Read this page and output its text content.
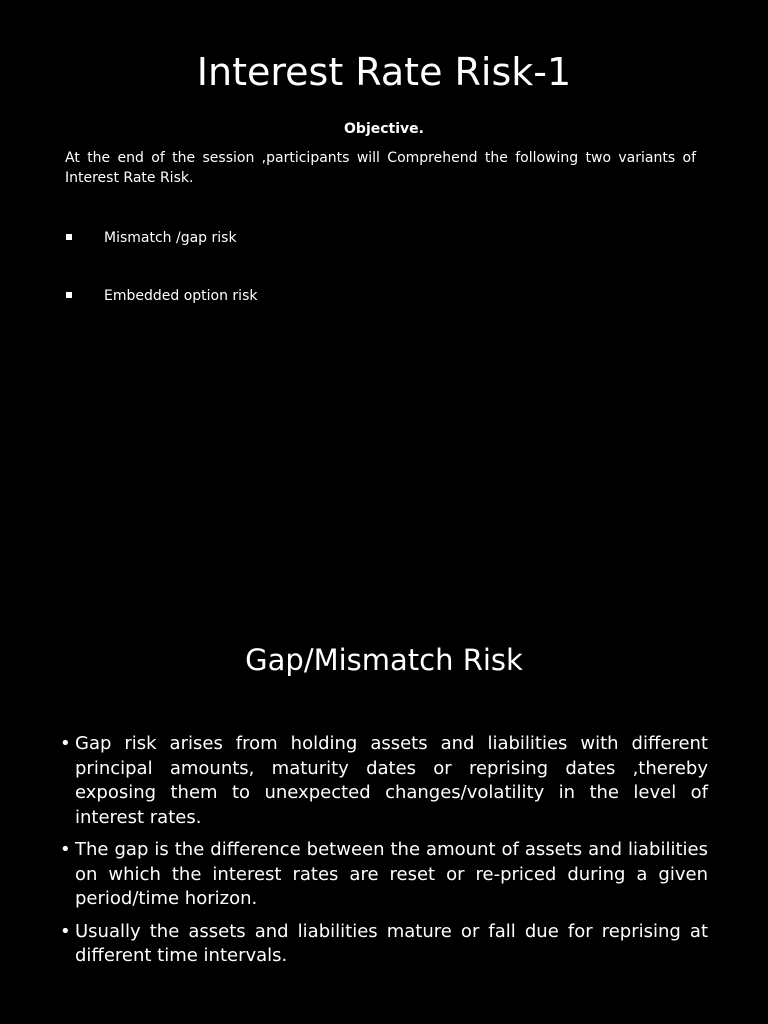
Interest Rate Risk-1
Objective.
At the end of the session ,participants will Comprehend the following two variants of Interest Rate Risk.
Mismatch /gap risk
Embedded option risk
Gap/Mismatch Risk
• Gap risk arises from holding assets and liabilities with different principal amounts, maturity dates or reprising dates ,thereby exposing them to unexpected changes/volatility in the level of interest rates.
• The gap is the difference between the amount of assets and liabilities on which the interest rates are reset or re-priced during a given period/time horizon.
• Usually the assets and liabilities mature or fall due for reprising at different time intervals.
